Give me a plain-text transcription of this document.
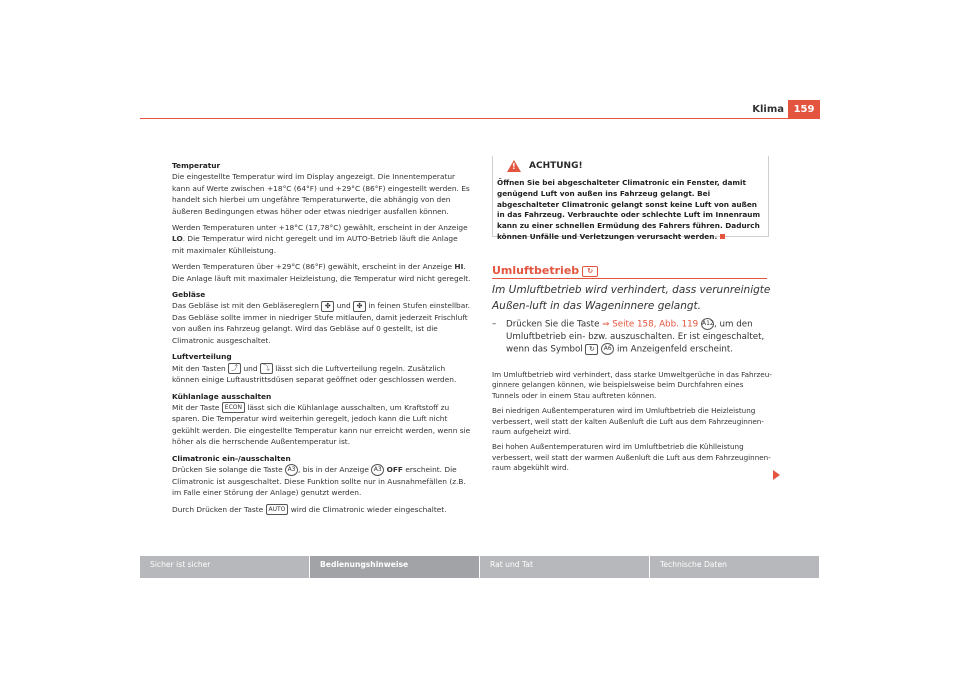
Klima 159

Temperatur

Die eingestellte Temperatur wird im Display angezeigt. Die Innentemperatur kann auf Werte zwischen +18°C (64°F) und +29°C (86°F) eingestellt werden. Es handelt sich hierbei um ungefähre Temperaturwerte, die abhängig von den äußeren Bedingungen etwas höher oder etwas niedriger ausfallen können.

Werden Temperaturen unter +18°C (17,78°C) gewählt, erscheint in der Anzeige LO. Die Temperatur wird nicht geregelt und im AUTO-Betrieb läuft die Anlage mit maximaler Kühlleistung.

Werden Temperaturen über +29°C (86°F) gewählt, erscheint in der Anzeige HI. Die Anlage läuft mit maximaler Heizleistung, die Temperatur wird nicht geregelt.

Gebläse

Das Gebläse ist mit den Gebläsereglern ✤ und ✤ in feinen Stufen einstellbar. Das Gebläse sollte immer in niedriger Stufe mitlaufen, damit jederzeit Frischluft von außen ins Fahrzeug gelangt. Wird das Gebläse auf 0 gestellt, ist die Climatronic ausgeschaltet.

Luftverteilung

Mit den Tasten ⤴ und ⤵ lässt sich die Luftverteilung regeln. Zusätzlich können einige Luftaustrittsdüsen separat geöffnet oder geschlossen werden.

Kühlanlage ausschalten

Mit der Taste ECON lässt sich die Kühlanlage ausschalten, um Kraftstoff zu sparen. Die Temperatur wird weiterhin geregelt, jedoch kann die Luft nicht gekühlt werden. Die eingestellte Temperatur kann nur erreicht werden, wenn sie höher als die herrschende Außentemperatur ist.

Climatronic ein-/ausschalten

Drücken Sie solange die Taste A3 , bis in der Anzeige A3 OFF erscheint. Die Climatronic ist ausgeschaltet. Diese Funktion sollte nur in Ausnahmefällen (z.B. im Falle einer Störung der Anlage) genutzt werden.

Durch Drücken der Taste AUTO wird die Climatronic wieder eingeschaltet.

! ACHTUNG!
Öffnen Sie bei abgeschalteter Climatronic ein Fenster, damit genügend Luft von außen ins Fahrzeug gelangt. Bei abgeschalteter Climatronic gelangt sonst keine Luft von außen in das Fahrzeug. Verbrauchte oder schlechte Luft im Innenraum kann zu einer schnellen Ermüdung des Fahrers führen. Dadurch können Unfälle und Verletzungen verursacht werden.
Umluftbetrieb ↻
Im Umluftbetrieb wird verhindert, dass verunreinigte Außen-luft in das Wageninnere gelangt.
– Drücken Sie die Taste ⇒ Seite 158, Abb. 119 A12, um den Umluftbetrieb ein- bzw. auszuschalten. Er ist eingeschaltet, wenn das Symbol ↻ A6 im Anzeigenfeld erscheint.

Im Umluftbetrieb wird verhindert, dass starke Umweltgerüche in das Fahrzeu-ginnere gelangen können, wie beispielsweise beim Durchfahren eines Tunnels oder in einem Stau auftreten können.

Bei niedrigen Außentemperaturen wird im Umluftbetrieb die Heizleistung verbessert, weil statt der kalten Außenluft die Luft aus dem Fahrzeuginnen-raum aufgeheizt wird.

Bei hohen Außentemperaturen wird im Umluftbetrieb die Kühlleistung verbessert, weil statt der warmen Außenluft die Luft aus dem Fahrzeuginnen-raum abgekühlt wird.

Sicher ist sicher	Bedienungshinweise	Rat und Tat	Technische Daten
